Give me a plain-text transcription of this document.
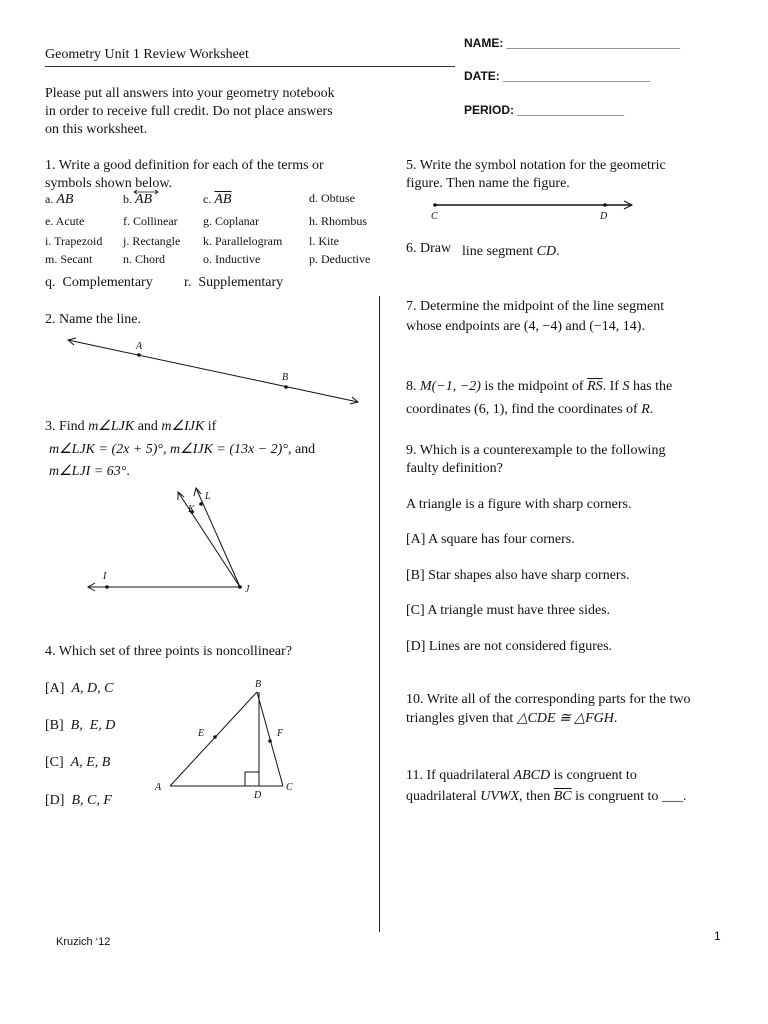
Geometry Unit 1 Review Worksheet
NAME: __________________________
DATE: ______________________
PERIOD: ________________
Please put all answers into your geometry notebook
in order to receive full credit. Do not place answers
on this worksheet.
1. Write a good definition for each of the terms or
symbols shown below.
a. AB	b. AB	c. $\overline{AB}$	d. Obtuse
e. Acute	f. Collinear g. Coplanar	h. Rhombus
i. Trapezoid j. Rectangle k. Parallelogram l. Kite
m. Secant	n. Chord	o. Inductive	p. Deductive
q.  Complementary r.  Supplementary
2. Name the line.
A
B
3. Find m∠LJK and m∠IJK if
m∠LJK = (2x + 5)°, m∠IJK = (13x − 2)°, and
m∠LJI = 63°.
I
J
K
L
4. Which set of three points is noncollinear?
[A] A, D, C
[B] B,  E, D
[C] A, E, B
[D] B, C, F
B
A	C
D
E	F
5. Write the symbol notation for the geometric
figure. Then name the figure.
C	D
6. Draw line segment CD.
7. Determine the midpoint of the line segment
whose endpoints are (4, −4) and (−14, 14).
8. M(−1, −2) is the midpoint of $\overline{RS}$. If S has the
coordinates (6, 1), find the coordinates of R.
9. Which is a counterexample to the following
faulty definition?
A triangle is a figure with sharp corners.
[A] A square has four corners.
[B] Star shapes also have sharp corners.
[C] A triangle must have three sides.
[D] Lines are not considered figures.
10. Write all of the corresponding parts for the two
triangles given that △CDE ≅ △FGH.
11. If quadrilateral ABCD is congruent to
quadrilateral UVWX, then $\overline{BC}$ is congruent to ___.
Kruzich ‘12	1
